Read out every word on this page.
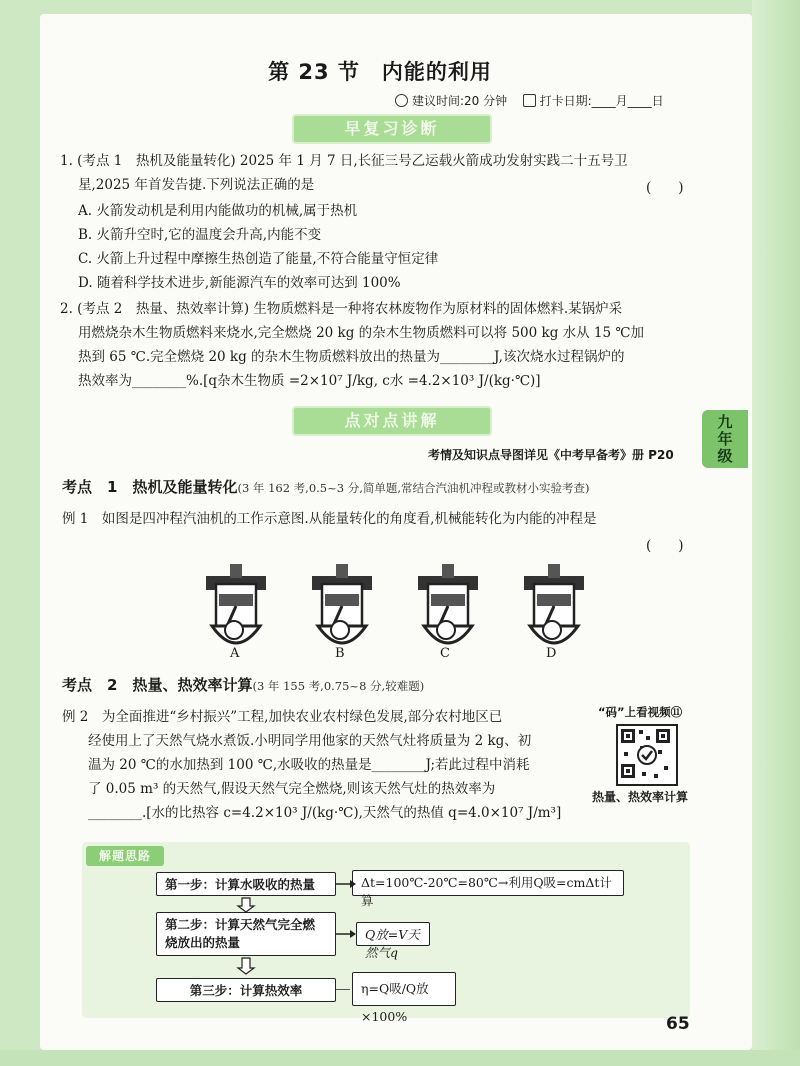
九
年
级
第 23 节　内能的利用
建议时间:20 分钟	打卡日期:____月____日
早复习诊断
1. (考点 1　热机及能量转化) 2025 年 1 月 7 日,长征三号乙运载火箭成功发射实践二十五号卫
星,2025 年首发告捷.下列说法正确的是	(　　)
A. 火箭发动机是利用内能做功的机械,属于热机
B. 火箭升空时,它的温度会升高,内能不变
C. 火箭上升过程中摩擦生热创造了能量,不符合能量守恒定律
D. 随着科学技术进步,新能源汽车的效率可达到 100%
2. (考点 2　热量、热效率计算) 生物质燃料是一种将农林废物作为原材料的固体燃料.某锅炉采
用燃烧杂木生物质燃料来烧水,完全燃烧 20 kg 的杂木生物质燃料可以将 500 kg 水从 15 ℃加
热到 65 ℃.完全燃烧 20 kg 的杂木生物质燃料放出的热量为________J,该次烧水过程锅炉的
热效率为________%.[q杂木生物质 =2×10⁷ J/kg, c水 =4.2×10³ J/(kg·℃)]
点对点讲解
考情及知识点导图详见《中考早备考》册 P20
考点　1　热机及能量转化(3 年 162 考,0.5~3 分,简单题,常结合汽油机冲程或教材小实验考查)
例 1　如图是四冲程汽油机的工作示意图.从能量转化的角度看,机械能转化为内能的冲程是
(　　)
A	B	C	D
考点　2　热量、热效率计算(3 年 155 考,0.75~8 分,较难题)
例 2　为全面推进“乡村振兴”工程,加快农业农村绿色发展,部分农村地区已
经使用上了天然气烧水煮饭.小明同学用他家的天然气灶将质量为 2 kg、初
温为 20 ℃的水加热到 100 ℃,水吸收的热量是________J;若此过程中消耗
了 0.05 m³ 的天然气,假设天然气完全燃烧,则该天然气灶的热效率为
________.[水的比热容 c=4.2×10³ J/(kg·℃),天然气的热值 q=4.0×10⁷ J/m³]
“码”上看视频⑪
热量、热效率计算
解题思路
第一步：计算水吸收的热量	Δt=100℃-20℃=80℃→利用Q吸=cmΔt计算
第二步：计算天然气完全燃烧放出的热量
Q放=V天然气q
第三步：计算热效率	η=Q吸/Q放×100%	65
